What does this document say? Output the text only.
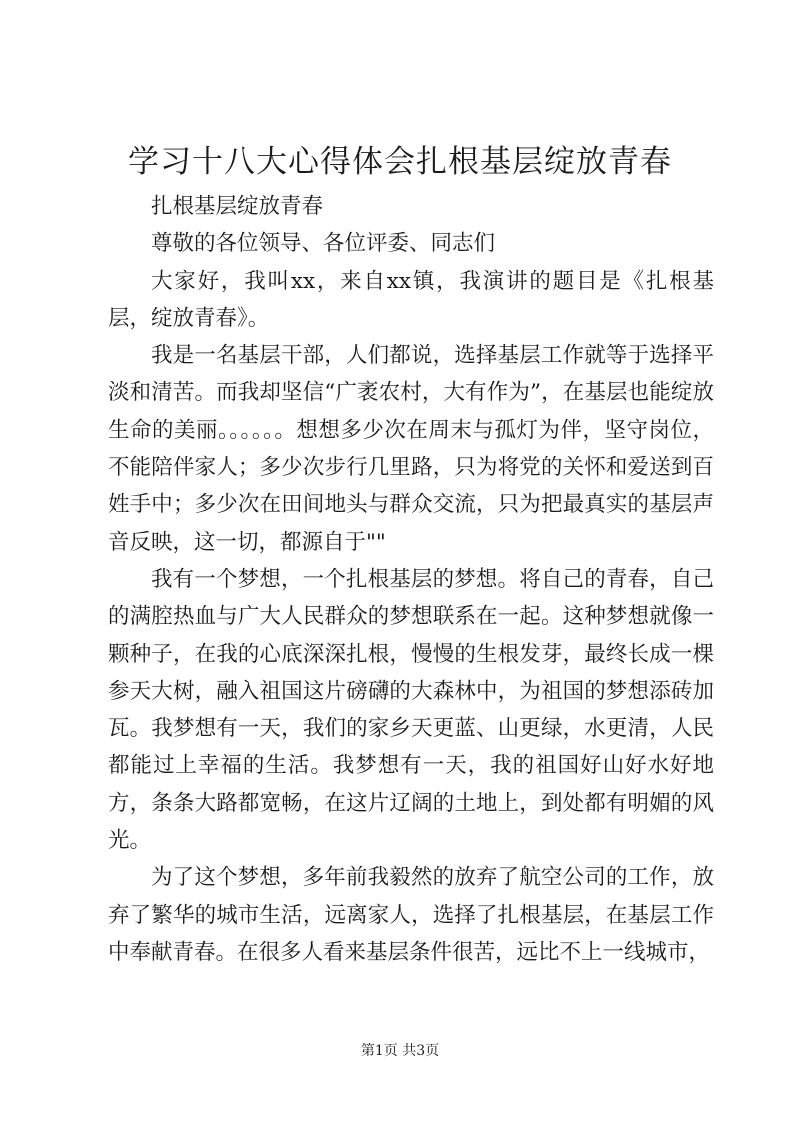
学习十八大心得体会扎根基层绽放青春

扎根基层绽放青春

尊敬的各位领导、各位评委、同志们

大家好，我叫xx，来自xx镇，我演讲的题目是《扎根基层，绽放青春》。

我是一名基层干部，人们都说，选择基层工作就等于选择平淡和清苦。而我却坚信“广袤农村，大有作为”，在基层也能绽放生命的美丽。。。。。。想想多少次在周末与孤灯为伴，坚守岗位，不能陪伴家人；多少次步行几里路，只为将党的关怀和爱送到百姓手中；多少次在田间地头与群众交流，只为把最真实的基层声音反映，这一切，都源自于""

我有一个梦想，一个扎根基层的梦想。将自己的青春，自己的满腔热血与广大人民群众的梦想联系在一起。这种梦想就像一颗种子，在我的心底深深扎根，慢慢的生根发芽，最终长成一棵参天大树，融入祖国这片磅礴的大森林中，为祖国的梦想添砖加瓦。我梦想有一天，我们的家乡天更蓝、山更绿，水更清，人民都能过上幸福的生活。我梦想有一天，我的祖国好山好水好地方，条条大路都宽畅，在这片辽阔的土地上，到处都有明媚的风光。

为了这个梦想，多年前我毅然的放弃了航空公司的工作，放弃了繁华的城市生活，远离家人，选择了扎根基层，在基层工作中奉献青春。在很多人看来基层条件很苦，远比不上一线城市，

第1页 共3页
